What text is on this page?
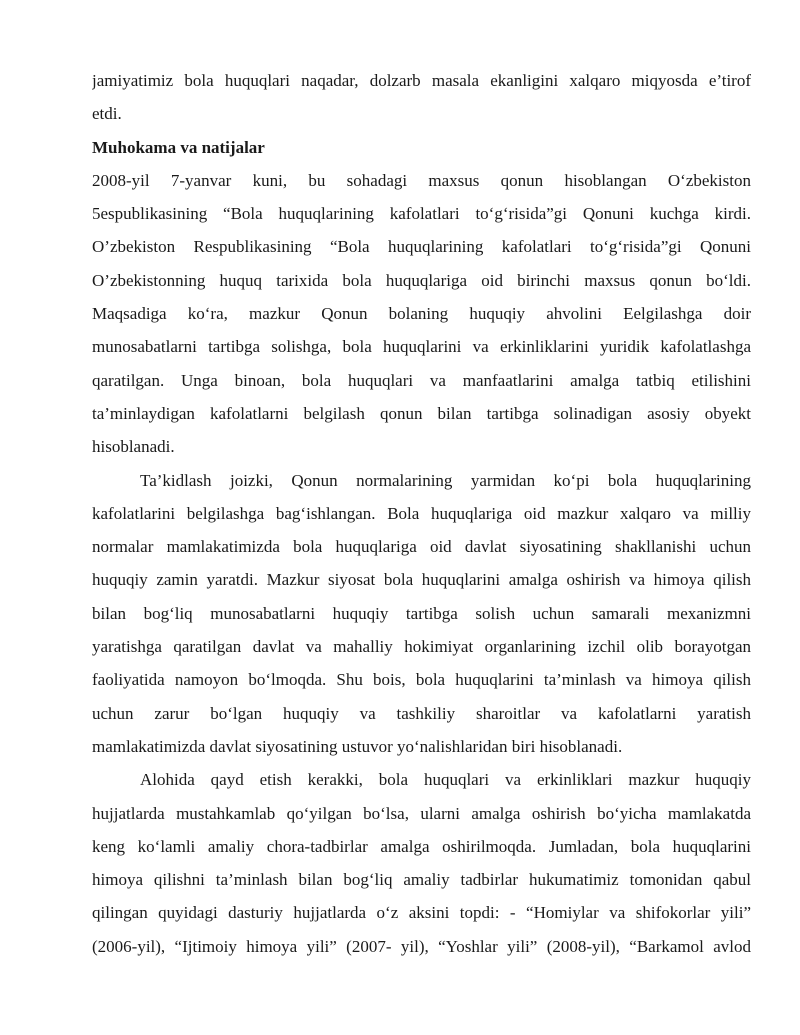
jamiyatimiz bola huquqlari naqadar, dolzarb masala ekanligini xalqaro miqyosda e’tirof
etdi.
Muhokama va natijalar
2008-yil 7-yanvar kuni, bu sohadagi maxsus qonun hisoblangan O‘zbekiston
5espublikasining “Bola huquqlarining kafolatlari to‘g‘risida”gi Qonuni kuchga kirdi.
O’zbekiston Respublikasining “Bola huquqlarining kafolatlari to‘g‘risida”gi Qonuni
O’zbekistonning huquq tarixida bola huquqlariga oid birinchi maxsus qonun bo‘ldi.
Maqsadiga ko‘ra, mazkur Qonun bolaning huquqiy ahvolini Eelgilashga doir
munosabatlarni tartibga solishga, bola huquqlarini va erkinliklarini yuridik kafolatlashga
qaratilgan. Unga binoan, bola huquqlari va manfaatlarini amalga tatbiq etilishini
ta’minlaydigan kafolatlarni belgilash qonun bilan tartibga solinadigan asosiy obyekt
hisoblanadi.
Ta’kidlash joizki, Qonun normalarining yarmidan ko‘pi bola huquqlarining
kafolatlarini belgilashga bag‘ishlangan. Bola huquqlariga oid mazkur xalqaro va milliy
normalar mamlakatimizda bola huquqlariga oid davlat siyosatining shakllanishi uchun
huquqiy zamin yaratdi. Mazkur siyosat bola huquqlarini amalga oshirish va himoya qilish
bilan bog‘liq munosabatlarni huquqiy tartibga solish uchun samarali mexanizmni
yaratishga qaratilgan davlat va mahalliy hokimiyat organlarining izchil olib borayotgan
faoliyatida namoyon bo‘lmoqda. Shu bois, bola huquqlarini ta’minlash va himoya qilish
uchun zarur bo‘lgan huquqiy va tashkiliy sharoitlar va kafolatlarni yaratish
mamlakatimizda davlat siyosatining ustuvor yo‘nalishlaridan biri hisoblanadi.
Alohida qayd etish kerakki, bola huquqlari va erkinliklari mazkur huquqiy
hujjatlarda mustahkamlab qo‘yilgan bo‘lsa, ularni amalga oshirish bo‘yicha mamlakatda
keng ko‘lamli amaliy chora-tadbirlar amalga oshirilmoqda. Jumladan, bola huquqlarini
himoya qilishni ta’minlash bilan bog‘liq amaliy tadbirlar hukumatimiz tomonidan qabul
qilingan quyidagi dasturiy hujjatlarda o‘z aksini topdi: - “Homiylar va shifokorlar yili”
(2006-yil), “Ijtimoiy himoya yili” (2007- yil), “Yoshlar yili” (2008-yil), “Barkamol avlod
